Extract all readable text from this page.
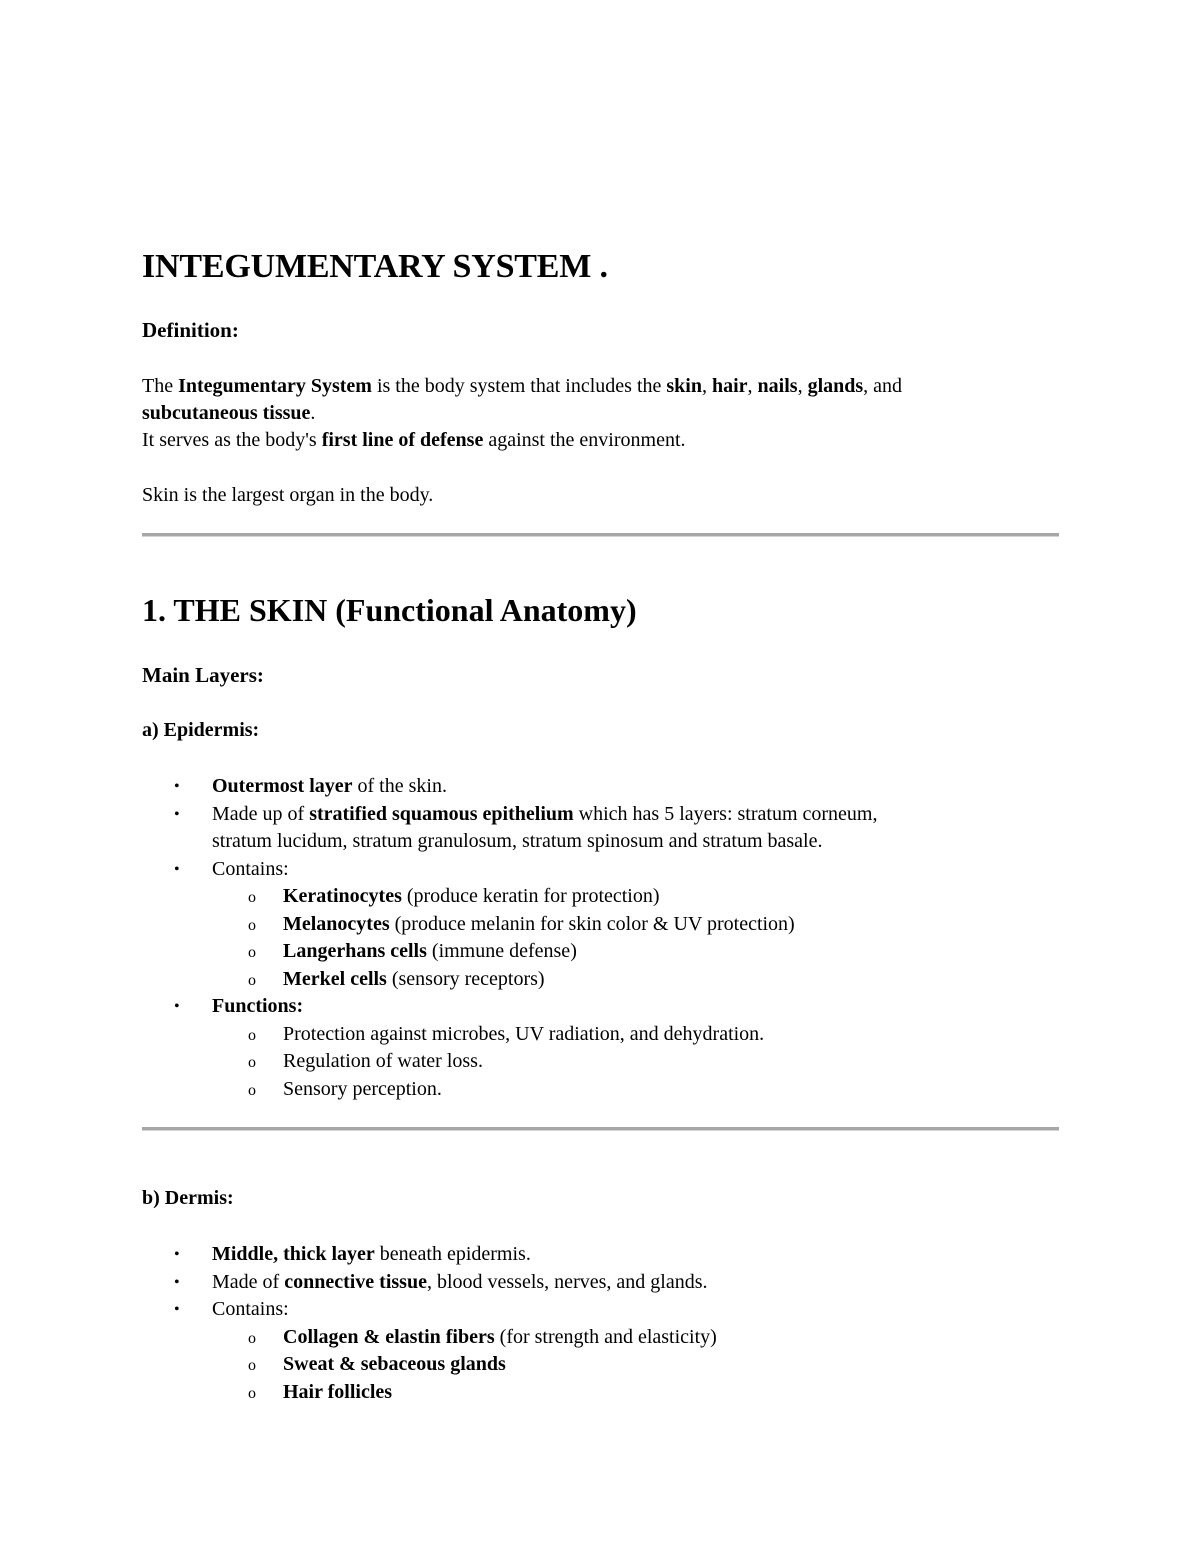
INTEGUMENTARY SYSTEM .
Definition:
The Integumentary System is the body system that includes the skin, hair, nails, glands, and
subcutaneous tissue.
It serves as the body's first line of defense against the environment.
Skin is the largest organ in the body.
1. THE SKIN (Functional Anatomy)
Main Layers:
a) Epidermis:
• Outermost layer of the skin.
• Made up of stratified squamous epithelium which has 5 layers: stratum corneum,
stratum lucidum, stratum granulosum, stratum spinosum and stratum basale.
• Contains:
o Keratinocytes (produce keratin for protection)
o Melanocytes (produce melanin for skin color & UV protection)
o Langerhans cells (immune defense)
o Merkel cells (sensory receptors)
• Functions:
o Protection against microbes, UV radiation, and dehydration.
o Regulation of water loss.
o Sensory perception.
b) Dermis:
• Middle, thick layer beneath epidermis.
• Made of connective tissue, blood vessels, nerves, and glands.
• Contains:
o Collagen & elastin fibers (for strength and elasticity)
o Sweat & sebaceous glands
o Hair follicles
